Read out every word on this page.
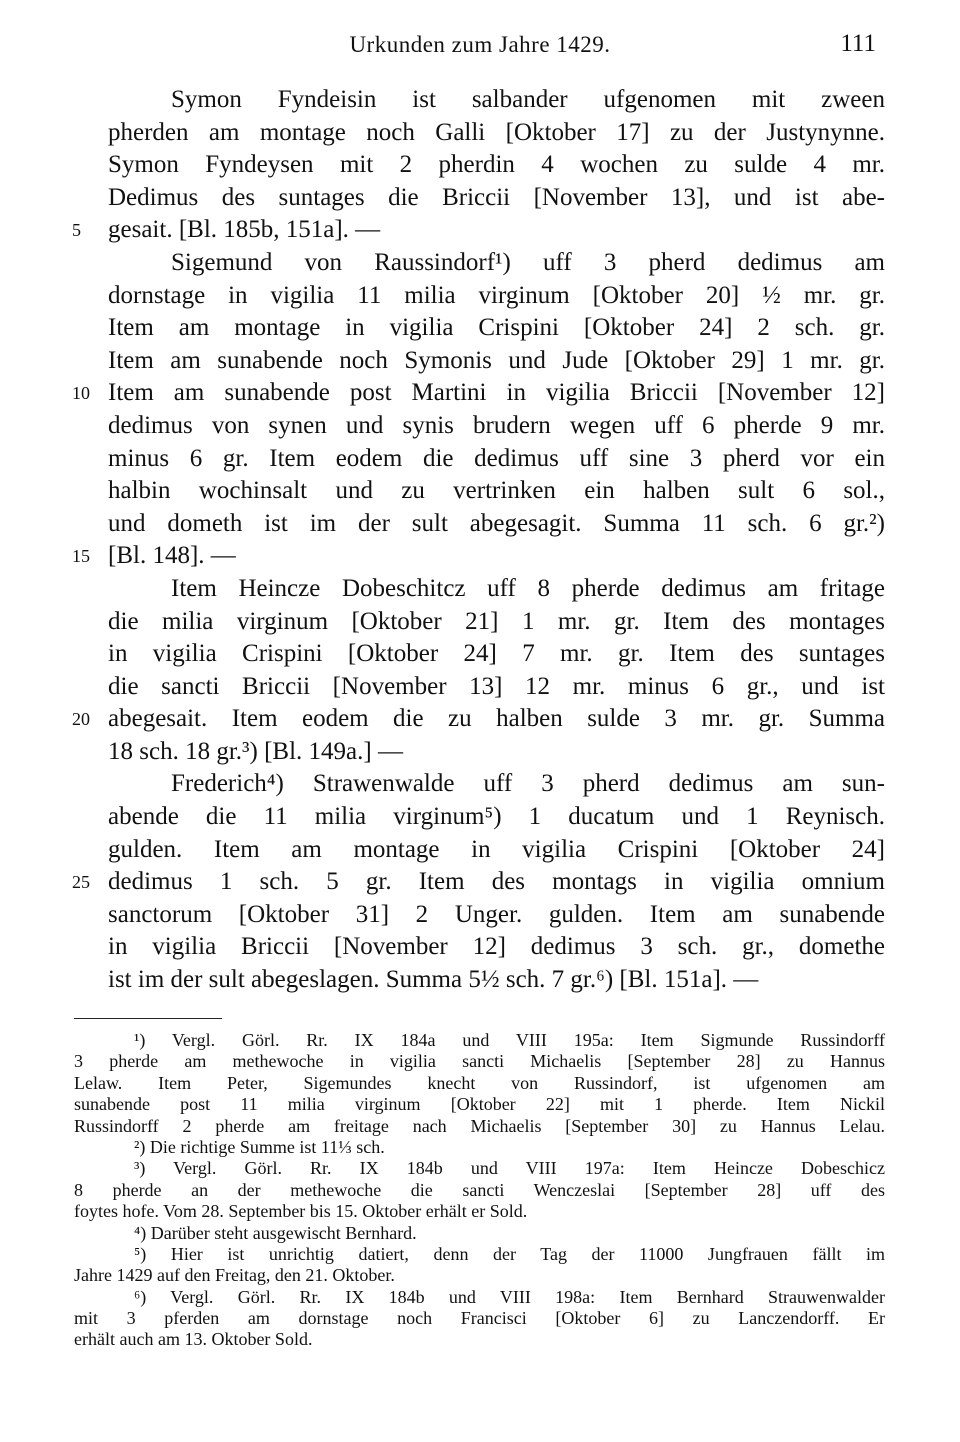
Urkunden zum Jahre 1429.	111
Symon Fyndeisin ist salbander ufgenomen mit zween
pherden am montage noch Galli [Oktober 17] zu der Justynynne.
Symon Fyndeysen mit 2 pherdin 4 wochen zu sulde 4 mr.
Dedimus des suntages die Briccii [November 13], und ist abe-
gesait. [Bl. 185b, 151a]. —
5
Sigemund von Raussindorf¹) uff 3 pherd dedimus am
dornstage in vigilia 11 milia virginum [Oktober 20] ½ mr. gr.
Item am montage in vigilia Crispini [Oktober 24] 2 sch. gr.
Item am sunabende noch Symonis und Jude [Oktober 29] 1 mr. gr.
Item am sunabende post Martini in vigilia Briccii [November 12]
10
dedimus von synen und synis brudern wegen uff 6 pherde 9 mr.
minus 6 gr. Item eodem die dedimus uff sine 3 pherd vor ein
halbin wochinsalt und zu vertrinken ein halben sult 6 sol.,
und dometh ist im der sult abegesagit. Summa 11 sch. 6 gr.²)
[Bl. 148]. —
15
Item Heincze Dobeschitcz uff 8 pherde dedimus am fritage
die milia virginum [Oktober 21] 1 mr. gr. Item des montages
in vigilia Crispini [Oktober 24] 7 mr. gr. Item des suntages
die sancti Briccii [November 13] 12 mr. minus 6 gr., und ist
abegesait. Item eodem die zu halben sulde 3 mr. gr. Summa
20
18 sch. 18 gr.³) [Bl. 149a.] —
Frederich⁴) Strawenwalde uff 3 pherd dedimus am sun-
abende die 11 milia virginum⁵) 1 ducatum und 1 Reynisch.
gulden. Item am montage in vigilia Crispini [Oktober 24]
dedimus 1 sch. 5 gr. Item des montags in vigilia omnium
25
sanctorum [Oktober 31] 2 Unger. gulden. Item am sunabende
in vigilia Briccii [November 12] dedimus 3 sch. gr., domethe
ist im der sult abegeslagen. Summa 5½ sch. 7 gr.⁶) [Bl. 151a]. —
¹) Vergl. Görl. Rr. IX 184a und VIII 195a: Item Sigmunde Russindorff
3 pherde am methewoche in vigilia sancti Michaelis [September 28] zu Hannus
Lelaw. Item Peter, Sigemundes knecht von Russindorf, ist ufgenomen am
sunabende post 11 milia virginum [Oktober 22] mit 1 pherde. Item Nickil
Russindorff 2 pherde am freitage nach Michaelis [September 30] zu Hannus Lelau.
²) Die richtige Summe ist 11⅓ sch.
³) Vergl. Görl. Rr. IX 184b und VIII 197a: Item Heincze Dobeschicz
8 pherde an der methewoche die sancti Wenczeslai [September 28] uff des
foytes hofe. Vom 28. September bis 15. Oktober erhält er Sold.
⁴) Darüber steht ausgewischt Bernhard.
⁵) Hier ist unrichtig datiert, denn der Tag der 11000 Jungfrauen fällt im
Jahre 1429 auf den Freitag, den 21. Oktober.
⁶) Vergl. Görl. Rr. IX 184b und VIII 198a: Item Bernhard Strauwenwalder
mit 3 pferden am dornstage noch Francisci [Oktober 6] zu Lanczendorff. Er
erhält auch am 13. Oktober Sold.
